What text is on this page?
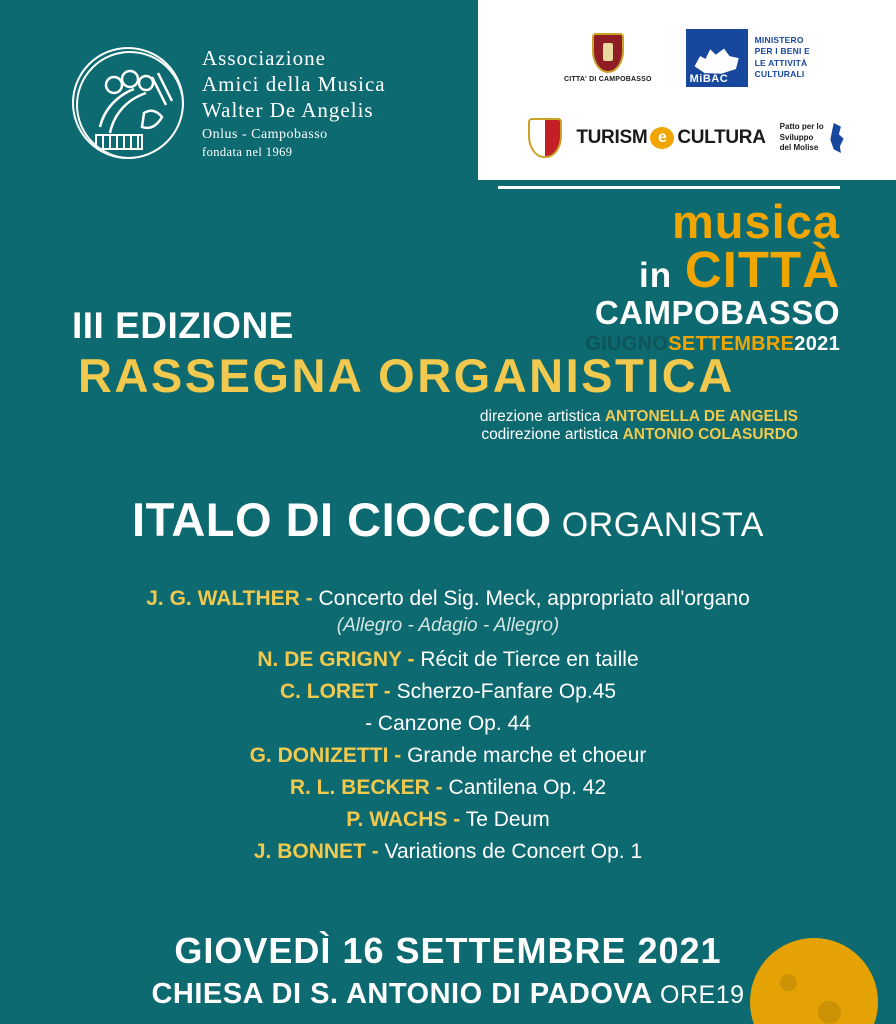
CITTA' DI CAMPOBASSO	MiBAC
MINISTERO
PER I BENI E
LE ATTIVITÀ
CULTURALI
TURISM e CULTURA
Patto per lo
Sviluppo
del Molise
Associazione
Amici della Musica
Walter De Angelis
Onlus - Campobasso
fondata nel 1969
musica
in CITTÀ
CAMPOBASSO
GIUGNOSETTEMBRE2021
III EDIZIONE
RASSEGNA ORGANISTICA
direzione artistica ANTONELLA DE ANGELIS
codirezione artistica ANTONIO COLASURDO
ITALO DI CIOCCIO ORGANISTA
J. G. WALTHER - Concerto del Sig. Meck, appropriato all'organo
(Allegro - Adagio - Allegro)
N. DE GRIGNY - Récit de Tierce en taille
C. LORET - Scherzo-Fanfare Op.45
- Canzone Op. 44
G. DONIZETTI - Grande marche et choeur
R. L. BECKER - Cantilena Op. 42
P. WACHS - Te Deum
J. BONNET - Variations de Concert Op. 1
GIOVEDÌ 16 SETTEMBRE 2021
CHIESA DI S. ANTONIO DI PADOVA ORE19
